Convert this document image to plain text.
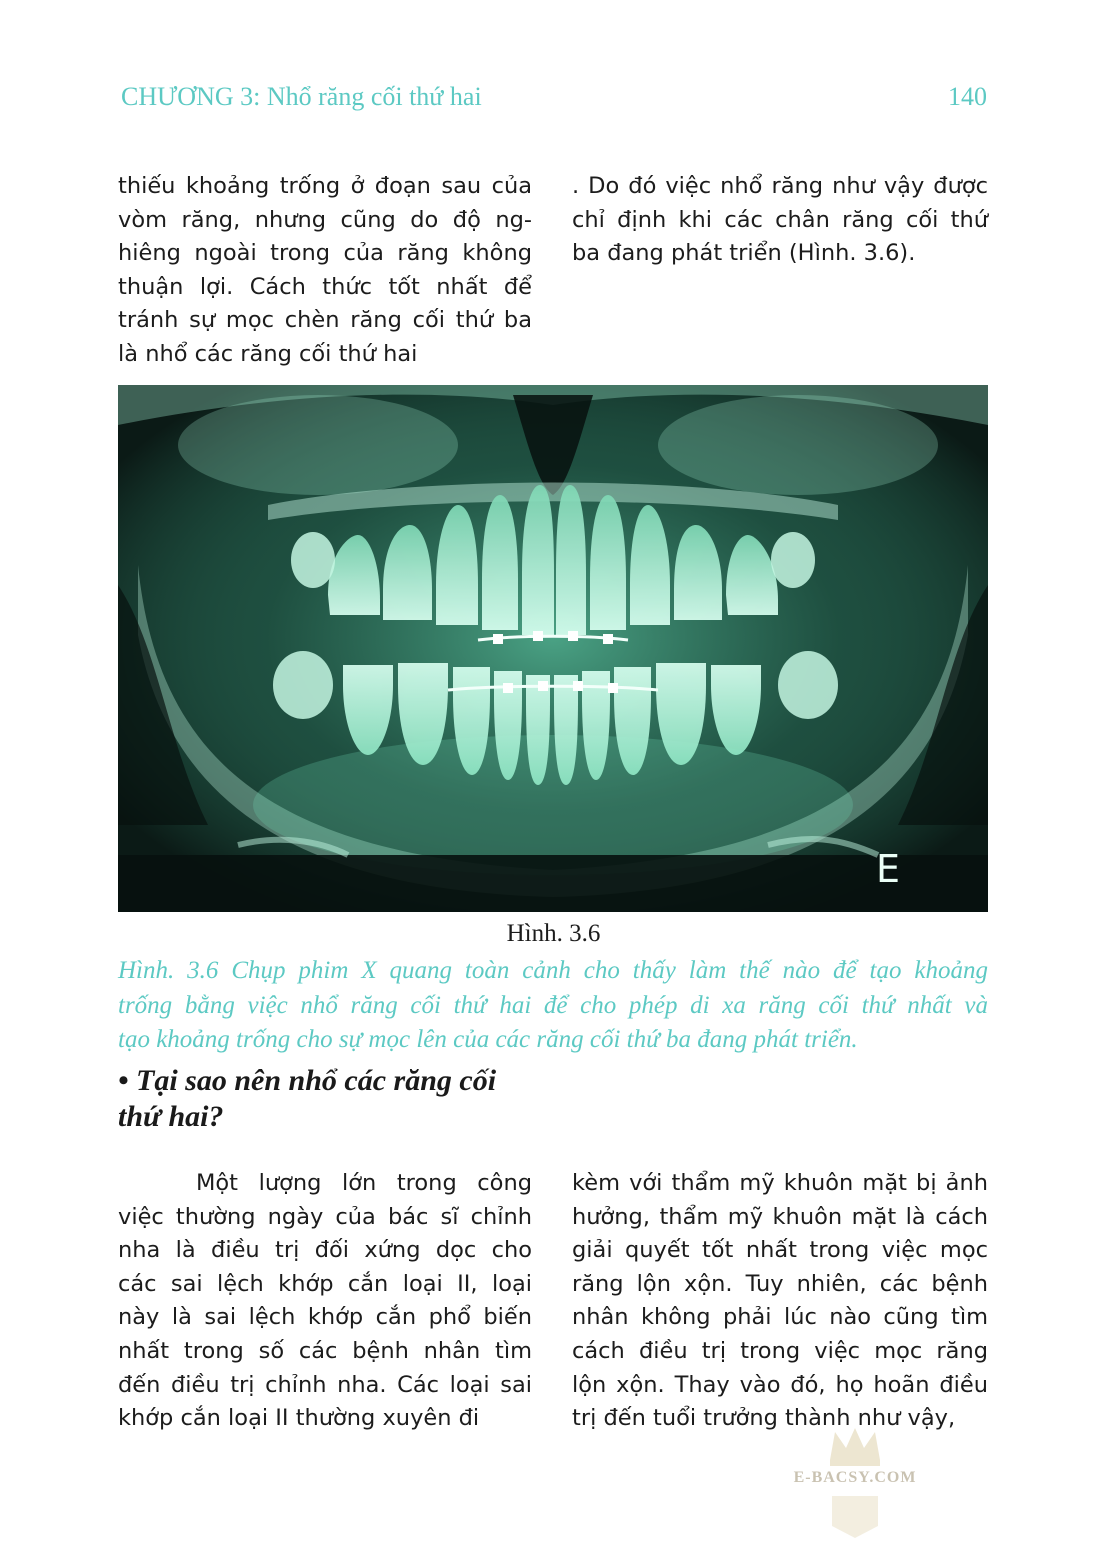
CHƯƠNG 3: Nhổ răng cối thứ hai	140
thiếu khoảng trống ở đoạn sau của
vòm răng, nhưng cũng do độ ng-
hiêng ngoài trong của răng không
thuận lợi. Cách thức tốt nhất để
tránh sự mọc chèn răng cối thứ ba
là nhổ các răng cối thứ hai
. Do đó việc nhổ răng như vậy được
chỉ định khi các chân răng cối thứ
ba đang phát triển (Hình. 3.6).
E
Hình. 3.6
Hình. 3.6 Chụp phim X quang toàn cảnh cho thấy làm thế nào để tạo khoảng
trống bằng việc nhổ răng cối thứ hai để cho phép di xa răng cối thứ nhất và
tạo khoảng trống cho sự mọc lên của các răng cối thứ ba đang phát triển.
• Tại sao nên nhổ các răng cối
thứ hai?
Một lượng lớn trong công
việc thường ngày của bác sĩ chỉnh
nha là điều trị đối xứng dọc cho
các sai lệch khớp cắn loại II, loại
này là sai lệch khớp cắn phổ biến
nhất trong số các bệnh nhân tìm
đến điều trị chỉnh nha. Các loại sai
khớp cắn loại II thường xuyên đi
kèm với thẩm mỹ khuôn mặt bị ảnh
hưởng, thẩm mỹ khuôn mặt là cách
giải quyết tốt nhất trong việc mọc
răng lộn xộn. Tuy nhiên, các bệnh
nhân không phải lúc nào cũng tìm
cách điều trị trong việc mọc răng
lộn xộn. Thay vào đó, họ hoãn điều
trị đến tuổi trưởng thành như vậy,
E-BACSY.COM
